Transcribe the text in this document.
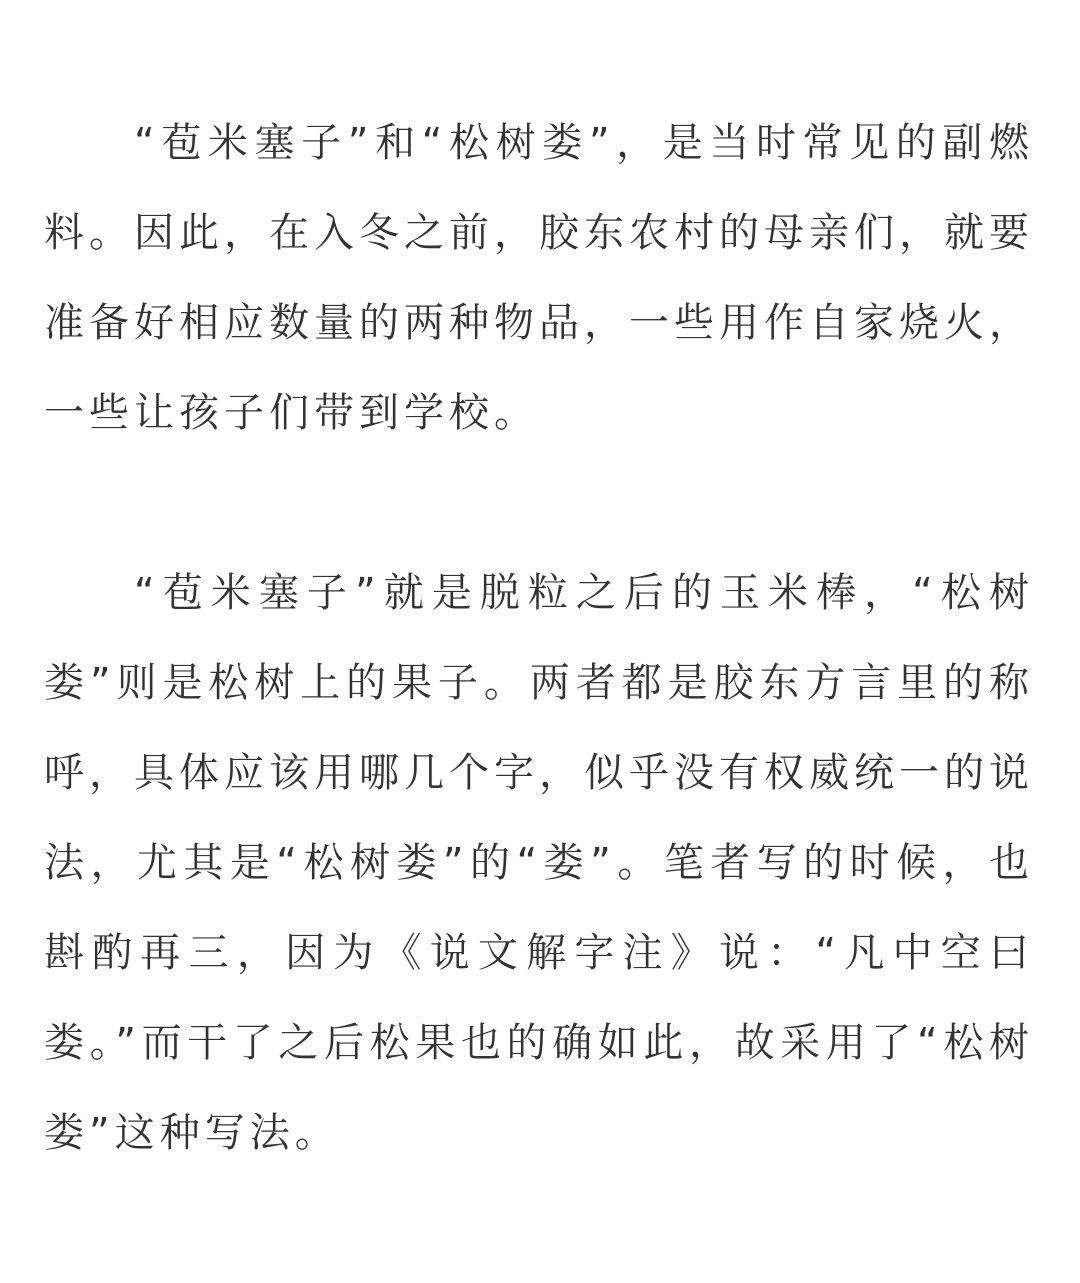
“苞米塞子”和“松树娄”，是当时常见的副燃料。因此，在入冬之前，胶东农村的母亲们，就要准备好相应数量的两种物品，一些用作自家烧火，一些让孩子们带到学校。

“苞米塞子”就是脱粒之后的玉米棒，“松树娄”则是松树上的果子。两者都是胶东方言里的称呼，具体应该用哪几个字，似乎没有权威统一的说法，尤其是“松树娄”的“娄”。笔者写的时候，也斟酌再三，因为《说文解字注》说：“凡中空曰娄。”而干了之后松果也的确如此，故采用了“松树娄”这种写法。
